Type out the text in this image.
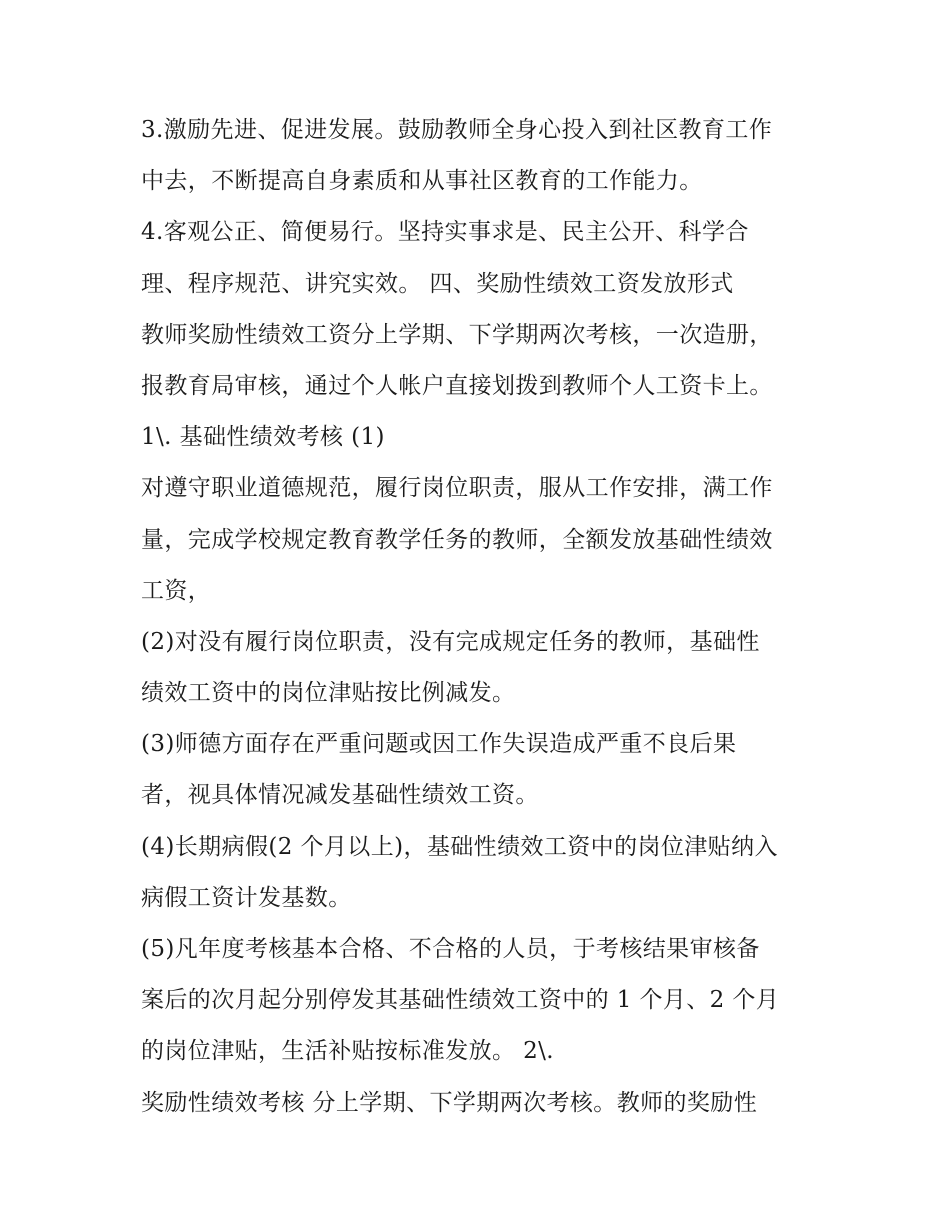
3.激励先进、促进发展。鼓励教师全身心投入到社区教育工作
中去，不断提高自身素质和从事社区教育的工作能力。
4.客观公正、简便易行。坚持实事求是、民主公开、科学合
理、程序规范、讲究实效。 四、奖励性绩效工资发放形式
教师奖励性绩效工资分上学期、下学期两次考核，一次造册，
报教育局审核，通过个人帐户直接划拨到教师个人工资卡上。
1\. 基础性绩效考核 (1)
对遵守职业道德规范，履行岗位职责，服从工作安排，满工作
量，完成学校规定教育教学任务的教师，全额发放基础性绩效
工资，
(2)对没有履行岗位职责，没有完成规定任务的教师，基础性
绩效工资中的岗位津贴按比例减发。
(3)师德方面存在严重问题或因工作失误造成严重不良后果
者，视具体情况减发基础性绩效工资。
(4)长期病假(2 个月以上)，基础性绩效工资中的岗位津贴纳入
病假工资计发基数。
(5)凡年度考核基本合格、不合格的人员，于考核结果审核备
案后的次月起分别停发其基础性绩效工资中的 1 个月、2 个月
的岗位津贴，生活补贴按标准发放。 2\.
奖励性绩效考核 分上学期、下学期两次考核。教师的奖励性
